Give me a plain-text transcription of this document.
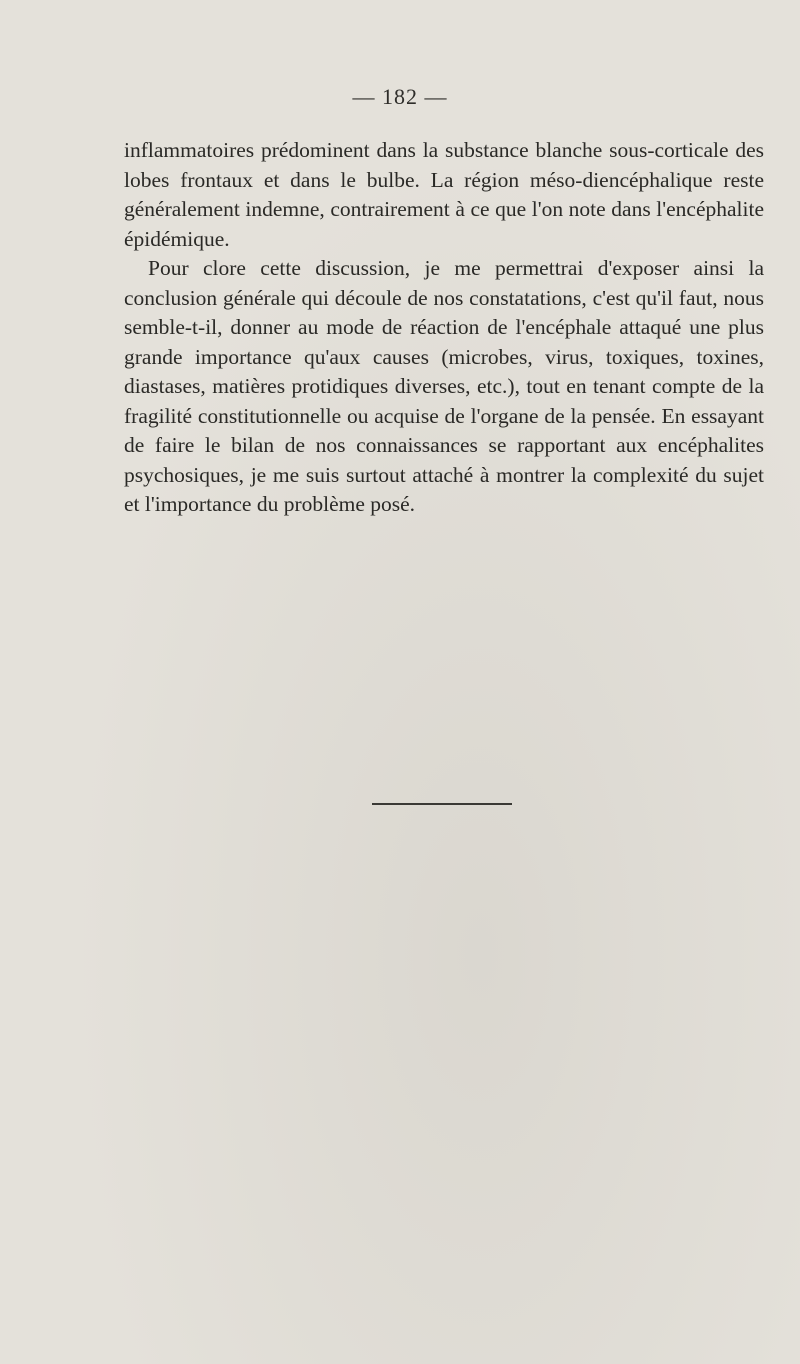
— 182 —

inflammatoires prédominent dans la substance blanche sous-corticale des lobes frontaux et dans le bulbe. La région méso-diencéphalique reste généralement indemne, contrairement à ce que l'on note dans l'encéphalite épidémique.

Pour clore cette discussion, je me permettrai d'exposer ainsi la conclusion générale qui découle de nos constatations, c'est qu'il faut, nous semble-t-il, donner au mode de réaction de l'encéphale attaqué une plus grande importance qu'aux causes (microbes, virus, toxiques, toxines, diastases, matières protidiques diverses, etc.), tout en tenant compte de la fragilité constitutionnelle ou acquise de l'organe de la pensée. En essayant de faire le bilan de nos connaissances se rapportant aux encéphalites psychosiques, je me suis surtout attaché à montrer la complexité du sujet et l'importance du problème posé.
